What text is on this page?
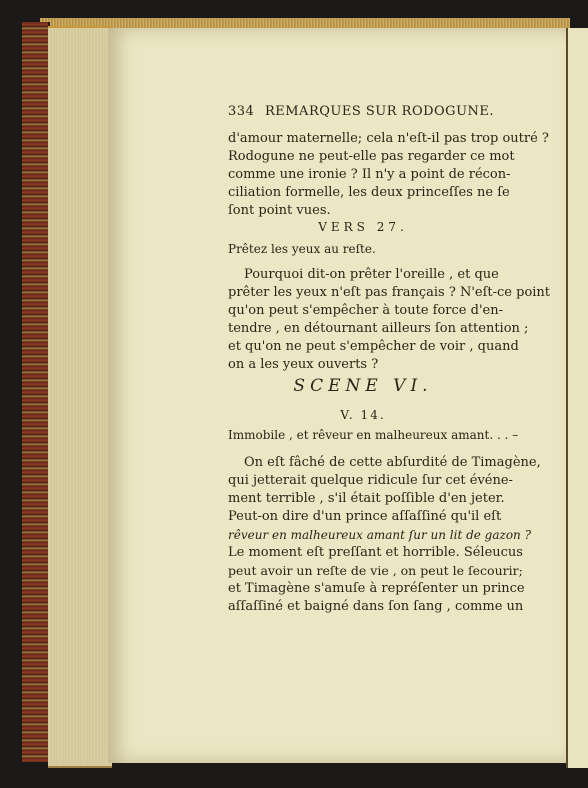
334 REMARQUES SUR RODOGUNE.
d'amour maternelle; cela n'eſt-il pas trop outré ?
Rodogune ne peut-elle pas regarder ce mot
comme une ironie ? Il n'y a point de récon-
ciliation formelle, les deux princeſſes ne ſe
ſont point vues.
VERS 27.
Prêtez les yeux au reſte.
Pourquoi dit-on prêter l'oreille , et que
prêter les yeux n'eſt pas français ? N'eſt-ce point
qu'on peut s'empêcher à toute force d'en-
tendre , en détournant ailleurs ſon attention ;
et qu'on ne peut s'empêcher de voir , quand
on a les yeux ouverts ?
SCENE VI.
V. 14.
Immobile , et rêveur en malheureux amant. . . –
On eſt fâché de cette abſurdité de Timagène,
qui jetterait quelque ridicule ſur cet événe-
ment terrible , s'il était poſſible d'en jeter.
Peut-on dire d'un prince aſſaſſiné qu'il eſt
rêveur en malheureux amant ſur un lit de gazon ?
Le moment eſt preſſant et horrible. Séleucus
peut avoir un reſte de vie , on peut le ſecourir;
et Timagène s'amuſe à repréſenter un prince
aſſaſſiné et baigné dans ſon ſang , comme un
